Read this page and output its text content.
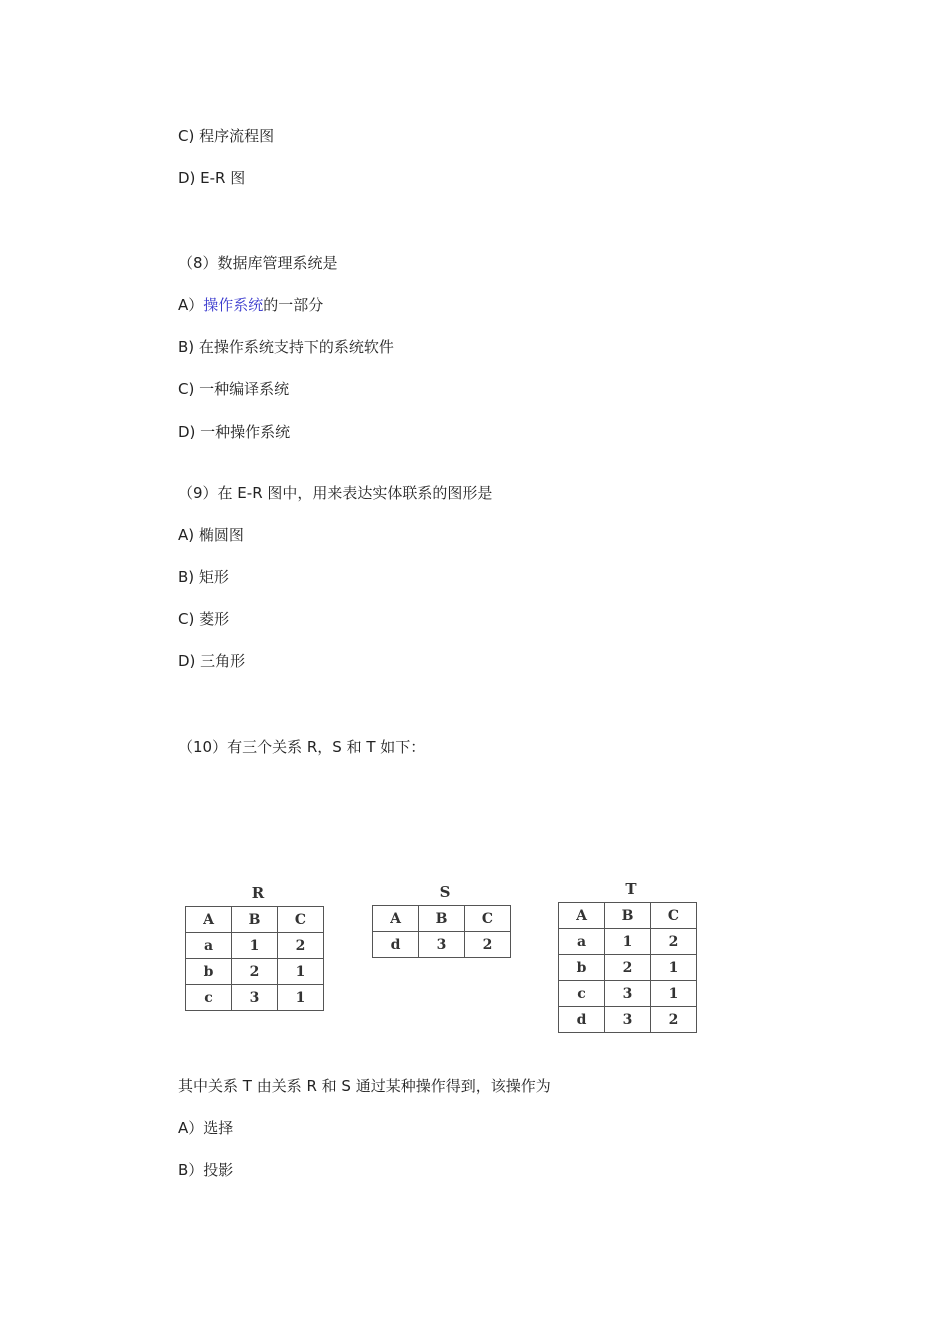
C) 程序流程图
D) E-R 图
（8）数据库管理系统是
A）操作系统的一部分
B) 在操作系统支持下的系统软件
C) 一种编译系统
D) 一种操作系统
（9）在 E-R 图中，用来表达实体联系的图形是
A) 椭圆图
B) 矩形
C) 菱形
D) 三角形
（10）有三个关系 R，S 和 T 如下：
R
A	B	C
a	1	2
b	2	1
c	3	1
S
A	B	C
d	3	2
T
A	B	C
a	1	2
b	2	1
c	3	1
d	3	2
其中关系 T 由关系 R 和 S 通过某种操作得到，该操作为
A）选择
B）投影
